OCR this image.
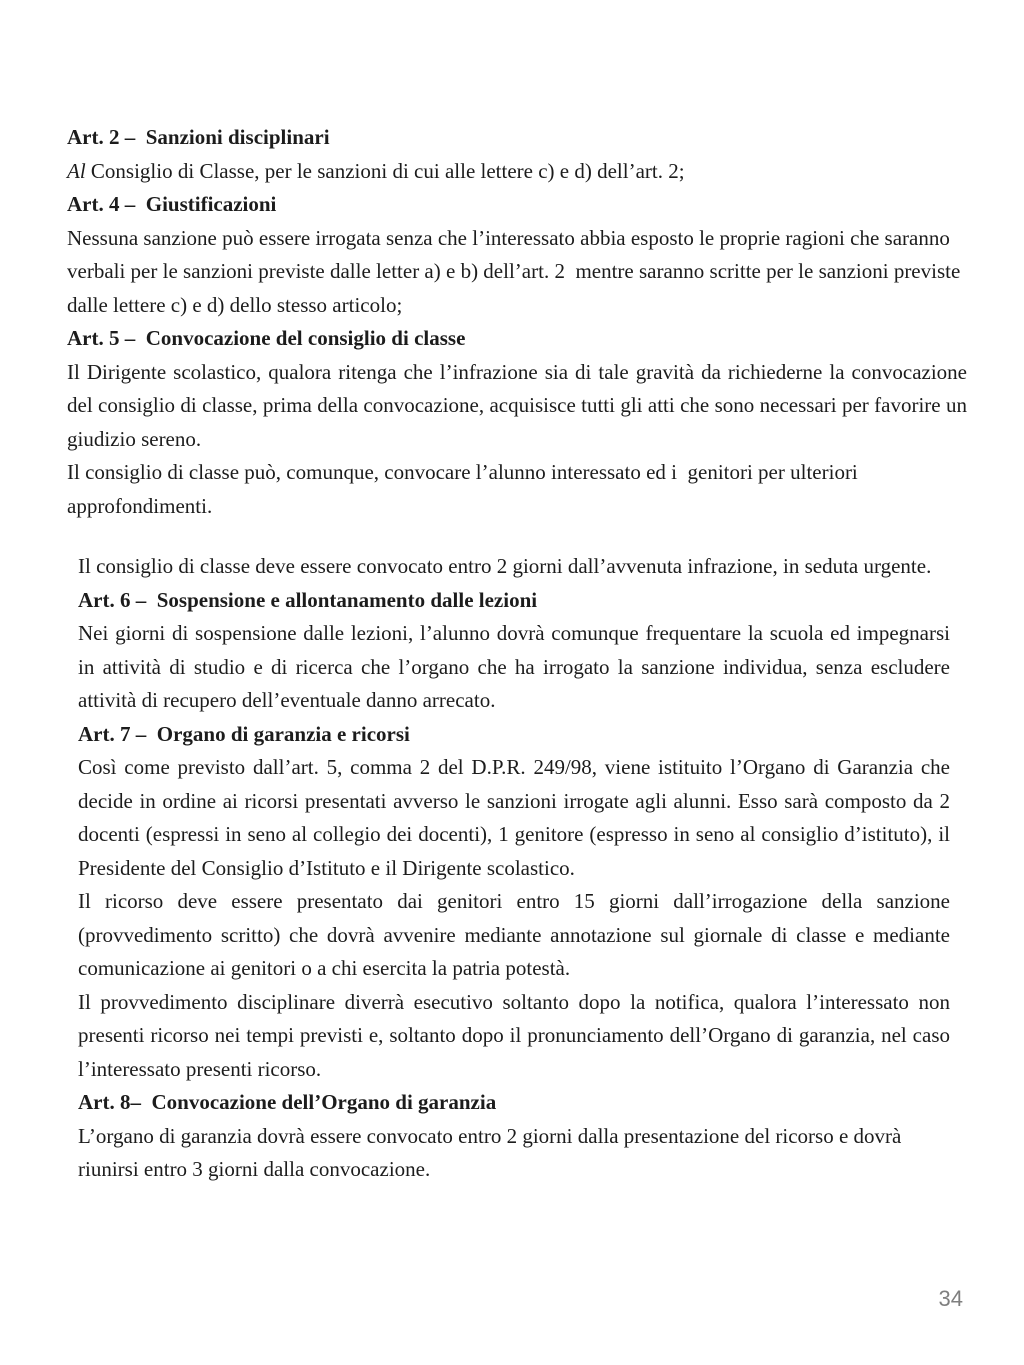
Art. 2 –  Sanzioni disciplinari

Al Consiglio di Classe, per le sanzioni di cui alle lettere c) e d) dell’art. 2;

Art. 4 –  Giustificazioni

Nessuna sanzione può essere irrogata senza che l’interessato abbia esposto le proprie ragioni che saranno verbali per le sanzioni previste dalle letter a) e b) dell’art. 2  mentre saranno scritte per le sanzioni previste dalle lettere c) e d) dello stesso articolo;

Art. 5 –  Convocazione del consiglio di classe

Il Dirigente scolastico, qualora ritenga che l’infrazione sia di tale gravità da richiederne la convocazione del consiglio di classe, prima della convocazione, acquisisce tutti gli atti che sono necessari per favorire un giudizio sereno.

Il consiglio di classe può, comunque, convocare l’alunno interessato ed i  genitori per ulteriori approfondimenti.

Il consiglio di classe deve essere convocato entro 2 giorni dall’avvenuta infrazione, in seduta urgente.

Art. 6 –  Sospensione e allontanamento dalle lezioni

Nei giorni di sospensione dalle lezioni, l’alunno dovrà comunque frequentare la scuola ed impegnarsi in attività di studio e di ricerca che l’organo che ha irrogato la sanzione individua, senza escludere attività di recupero dell’eventuale danno arrecato.

Art. 7 –  Organo di garanzia e ricorsi

Così come previsto dall’art. 5, comma 2 del D.P.R. 249/98, viene istituito l’Organo di Garanzia che decide in ordine ai ricorsi presentati avverso le sanzioni irrogate agli alunni. Esso sarà composto da 2 docenti (espressi in seno al collegio dei docenti), 1 genitore (espresso in seno al consiglio d’istituto), il Presidente del Consiglio d’Istituto e il Dirigente scolastico.

Il ricorso deve essere presentato dai genitori entro 15 giorni dall’irrogazione della sanzione (provvedimento scritto) che dovrà avvenire mediante annotazione sul giornale di classe e mediante comunicazione ai genitori o a chi esercita la patria potestà.

Il provvedimento disciplinare diverrà esecutivo soltanto dopo la notifica, qualora l’interessato non presenti ricorso nei tempi previsti e, soltanto dopo il pronunciamento dell’Organo di garanzia, nel caso l’interessato presenti ricorso.

Art. 8–  Convocazione dell’Organo di garanzia

L’organo di garanzia dovrà essere convocato entro 2 giorni dalla presentazione del ricorso e dovrà riunirsi entro 3 giorni dalla convocazione.

34
